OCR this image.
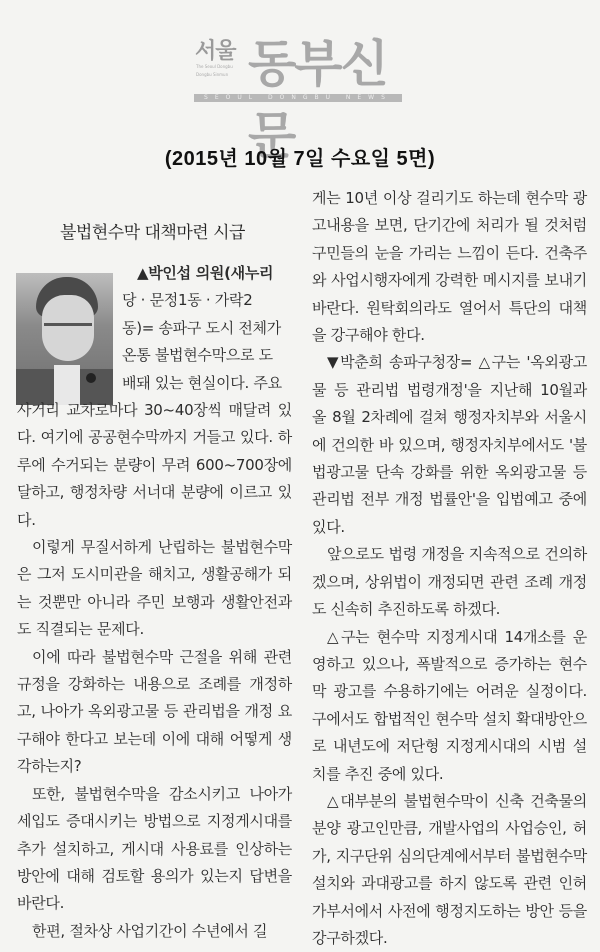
서울
The Seoul Dongbu
Dongbu Sinmun 동부신문
SEOUL DONGBU NEWS
(2015년 10월 7일 수요일 5면)
불법현수막 대책마련 시급

▲박인섭 의원(새누리

당 · 문정1동 · 가락2

동)= 송파구 도시 전체가

온통 불법현수막으로 도

배돼 있는 현실이다. 주요

사거리 교차로마다 30~40장씩 매달려 있다. 여기에 공공현수막까지 거들고 있다. 하루에 수거되는 분량이 무려 600~700장에 달하고, 행정차량 서너대 분량에 이르고 있다.

이렇게 무질서하게 난립하는 불법현수막은 그저 도시미관을 해치고, 생활공해가 되는 것뿐만 아니라 주민 보행과 생활안전과도 직결되는 문제다.

이에 따라 불법현수막 근절을 위해 관련 규정을 강화하는 내용으로 조례를 개정하고, 나아가 옥외광고물 등 관리법을 개정 요구해야 한다고 보는데 이에 대해 어떻게 생각하는지?

또한, 불법현수막을 감소시키고 나아가 세입도 증대시키는 방법으로 지정게시대를 추가 설치하고, 게시대 사용료를 인상하는 방안에 대해 검토할 용의가 있는지 답변을 바란다.

한편, 절차상 사업기간이 수년에서 길

게는 10년 이상 걸리기도 하는데 현수막 광고내용을 보면, 단기간에 처리가 될 것처럼 구민들의 눈을 가리는 느낌이 든다. 건축주와 사업시행자에게 강력한 메시지를 보내기 바란다. 원탁회의라도 열어서 특단의 대책을 강구해야 한다.

▼박춘희 송파구청장= △구는 '옥외광고물 등 관리법 법령개정'을 지난해 10월과 올 8월 2차례에 걸쳐 행정자치부와 서울시에 건의한 바 있으며, 행정자치부에서도 '불법광고물 단속 강화를 위한 옥외광고물 등 관리법 전부 개정 법률안'을 입법예고 중에 있다.

앞으로도 법령 개정을 지속적으로 건의하겠으며, 상위법이 개정되면 관련 조례 개정도 신속히 추진하도록 하겠다.

△구는 현수막 지정게시대 14개소를 운영하고 있으나, 폭발적으로 증가하는 현수막 광고를 수용하기에는 어려운 실정이다. 구에서도 합법적인 현수막 설치 확대방안으로 내년도에 저단형 지정게시대의 시범 설치를 추진 중에 있다.

△대부분의 불법현수막이 신축 건축물의 분양 광고인만큼, 개발사업의 사업승인, 허가, 지구단위 심의단계에서부터 불법현수막 설치와 과대광고를 하지 않도록 관련 인허가부서에서 사전에 행정지도하는 방안 등을 강구하겠다.
